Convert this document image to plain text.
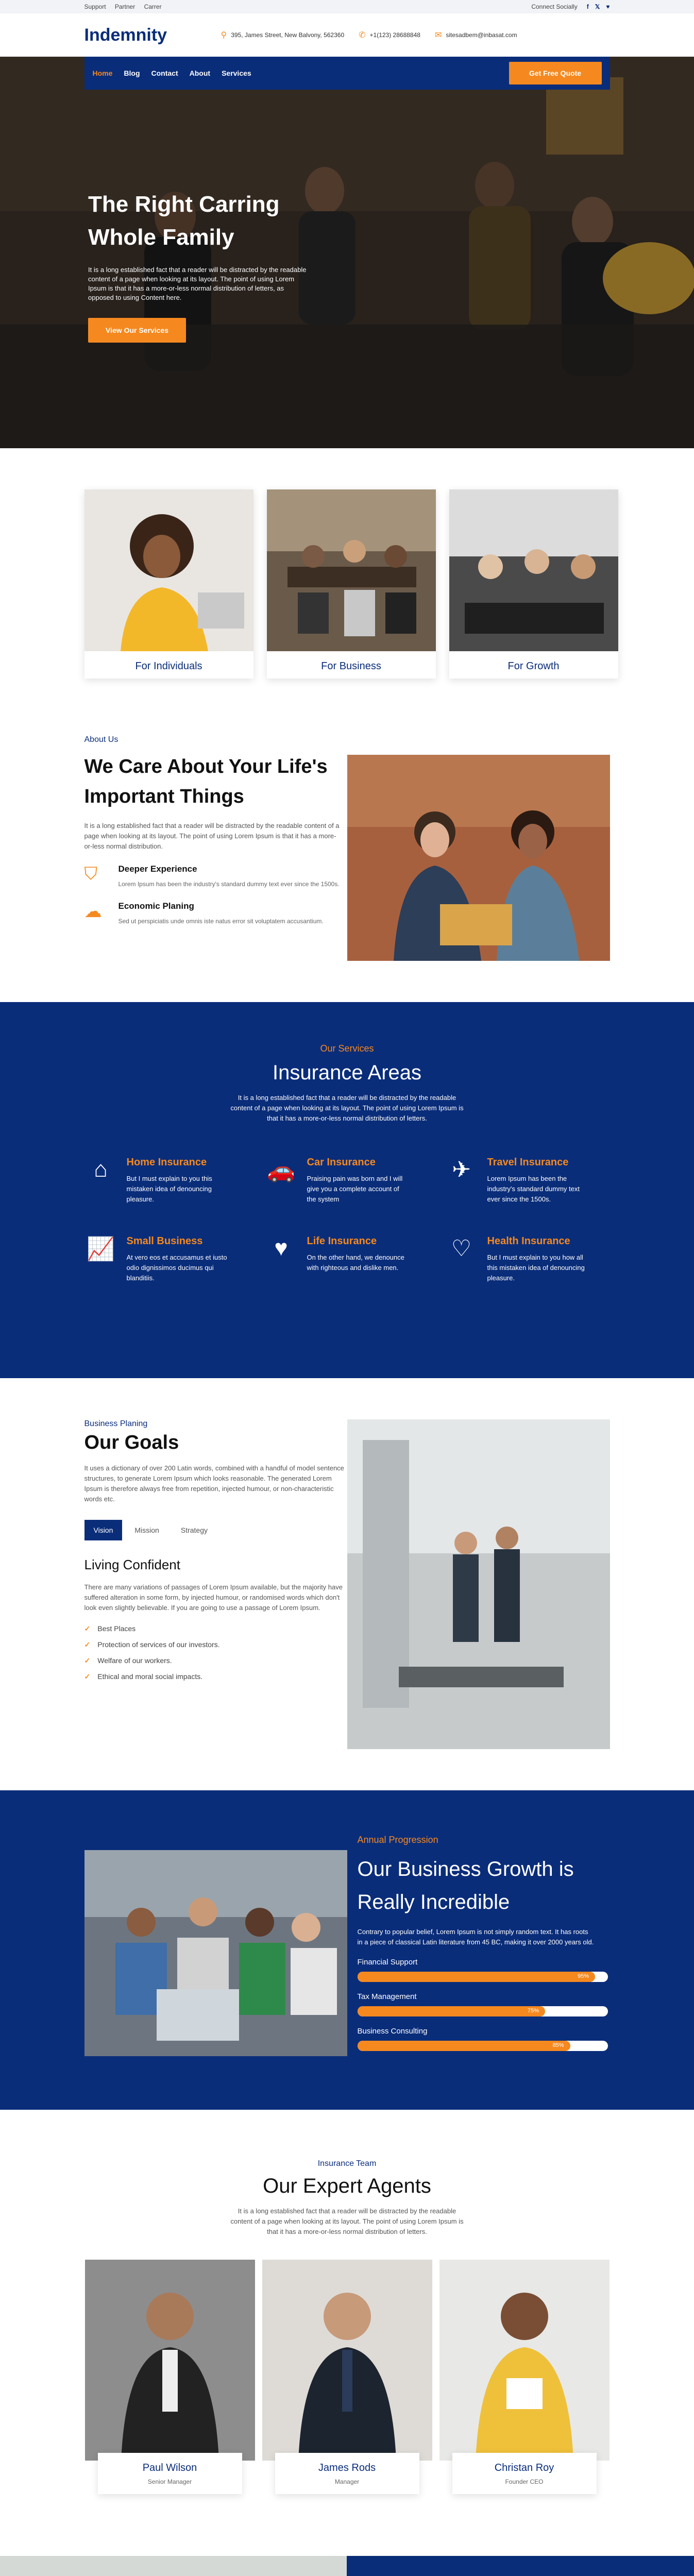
Support Partner Carrer	Connect Socially f 𝕏 ♥
Indemnity	⚲ 395, James Street, New Balvony, 562360 ✆ +1(123) 28688848 ✉ sitesadbem@inbasat.com
Home Blog Contact About Services	Get Free Quote
The Right Carring Whole Family

It is a long established fact that a reader will be distracted by the readable content of a page when looking at its layout. The point of using Lorem Ipsum is that it has a more-or-less normal distribution of letters, as opposed to using Content here.

View Our Services
For Individuals	For Business	For Growth
About Us
We Care About Your Life's Important Things

It is a long established fact that a reader will be distracted by the readable content of a page when looking at its layout. The point of using Lorem Ipsum is that it has a more-or-less normal distribution.

⛉	Deeper Experience

Lorem Ipsum has been the industry's standard dummy text ever since the 1500s.

☁	Economic Planing

Sed ut perspiciatis unde omnis iste natus error sit voluptatem accusantium.

Our Services
Insurance Areas

It is a long established fact that a reader will be distracted by the readable content of a page when looking at its layout. The point of using Lorem Ipsum is that it has a more-or-less normal distribution of letters.

⌂	Home Insurance

But I must explain to you this mistaken idea of denouncing pleasure.

🚗 Car Insurance

Praising pain was born and I will give you a complete account of the system

✈	Travel Insurance

Lorem Ipsum has been the industry's standard dummy text ever since the 1500s.

📈 Small Business

At vero eos et accusamus et iusto odio dignissimos ducimus qui blanditiis.

♥	Life Insurance

On the other hand, we denounce with righteous and dislike men.

♡	Health Insurance

But I must explain to you how all this mistaken idea of denouncing pleasure.

Business Planing
Our Goals

It uses a dictionary of over 200 Latin words, combined with a handful of model sentence structures, to generate Lorem Ipsum which looks reasonable. The generated Lorem Ipsum is therefore always free from repetition, injected humour, or non-characteristic words etc.

Vision	Mission	Strategy
Living Confident

There are many variations of passages of Lorem Ipsum available, but the majority have suffered alteration in some form, by injected humour, or randomised words which don't look even slightly believable. If you are going to use a passage of Lorem Ipsum.

✓ Best Places
✓ Protection of services of our investors.
✓ Welfare of our workers.
✓ Ethical and moral social impacts.
Annual Progression
Our Business Growth is Really Incredible

Contrary to popular belief, Lorem Ipsum is not simply random text. It has roots in a piece of classical Latin literature from 45 BC, making it over 2000 years old.

Financial Support
95%
Tax Management
75%
Business Consulting
85%
Insurance Team
Our Expert Agents

It is a long established fact that a reader will be distracted by the readable content of a page when looking at its layout. The point of using Lorem Ipsum is that it has a more-or-less normal distribution of letters.

Paul Wilson
Senior Manager
James Rods
Manager
Christan Roy
Founder CEO
